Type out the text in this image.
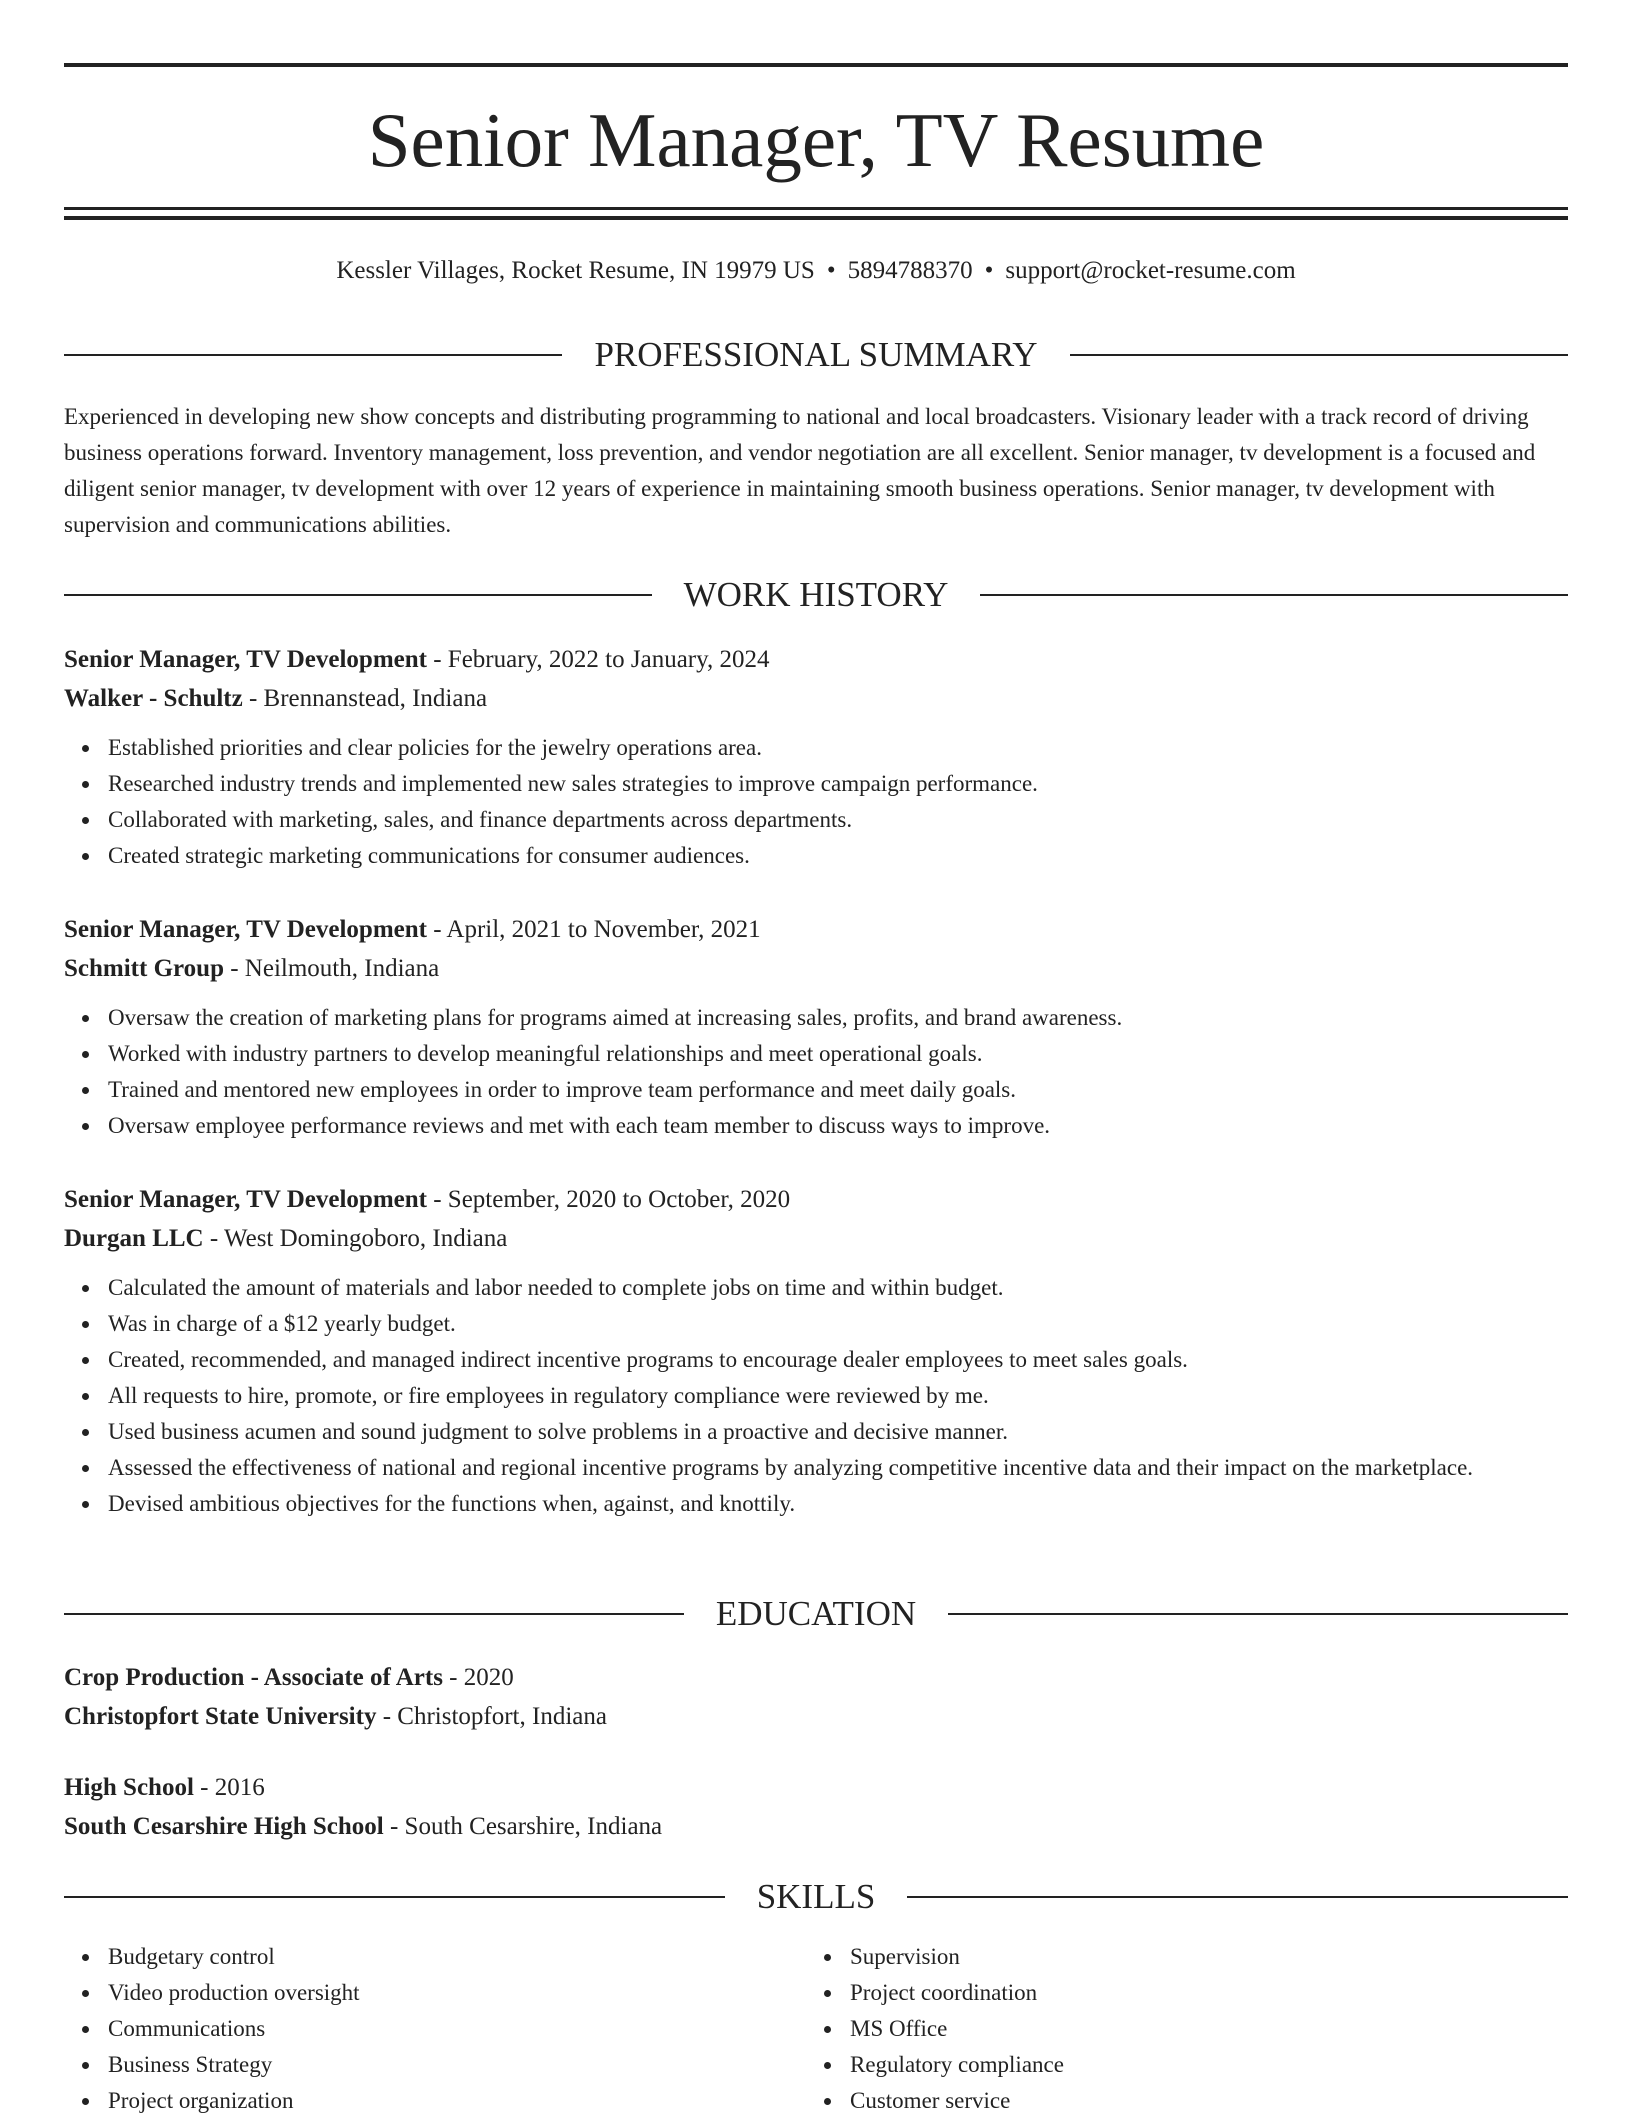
Senior Manager, TV Resume
Kessler Villages, Rocket Resume, IN 19979 US • 5894788370 • support@rocket-resume.com
PROFESSIONAL SUMMARY

Experienced in developing new show concepts and distributing programming to national and local broadcasters. Visionary leader with a track record of driving business operations forward. Inventory management, loss prevention, and vendor negotiation are all excellent. Senior manager, tv development is a focused and diligent senior manager, tv development with over 12 years of experience in maintaining smooth business operations. Senior manager, tv development with supervision and communications abilities.

WORK HISTORY

Senior Manager, TV Development - February, 2022 to January, 2024

Walker - Schultz - Brennanstead, Indiana

Established priorities and clear policies for the jewelry operations area.
Researched industry trends and implemented new sales strategies to improve campaign performance.
Collaborated with marketing, sales, and finance departments across departments.
Created strategic marketing communications for consumer audiences.

Senior Manager, TV Development - April, 2021 to November, 2021

Schmitt Group - Neilmouth, Indiana

Oversaw the creation of marketing plans for programs aimed at increasing sales, profits, and brand awareness.
Worked with industry partners to develop meaningful relationships and meet operational goals.
Trained and mentored new employees in order to improve team performance and meet daily goals.
Oversaw employee performance reviews and met with each team member to discuss ways to improve.

Senior Manager, TV Development - September, 2020 to October, 2020

Durgan LLC - West Domingoboro, Indiana

Calculated the amount of materials and labor needed to complete jobs on time and within budget.
Was in charge of a $12 yearly budget.
Created, recommended, and managed indirect incentive programs to encourage dealer employees to meet sales goals.
All requests to hire, promote, or fire employees in regulatory compliance were reviewed by me.
Used business acumen and sound judgment to solve problems in a proactive and decisive manner.
Assessed the effectiveness of national and regional incentive programs by analyzing competitive incentive data and their impact on the marketplace.
Devised ambitious objectives for the functions when, against, and knottily.
EDUCATION

Crop Production - Associate of Arts - 2020

Christopfort State University - Christopfort, Indiana

High School - 2016

South Cesarshire High School - South Cesarshire, Indiana

SKILLS
Budgetary control
Video production oversight
Communications
Business Strategy
Project organization
Supervision
Project coordination
MS Office
Regulatory compliance
Customer service
